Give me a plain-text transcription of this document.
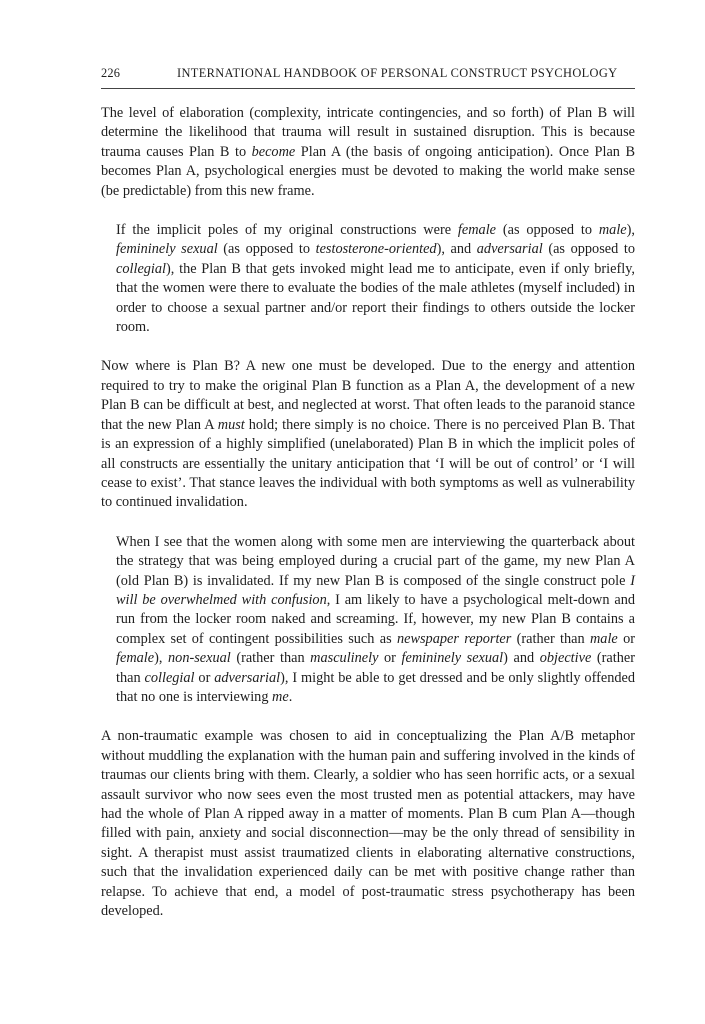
226	INTERNATIONAL HANDBOOK OF PERSONAL CONSTRUCT PSYCHOLOGY

The level of elaboration (complexity, intricate contingencies, and so forth) of Plan B will determine the likelihood that trauma will result in sustained disruption. This is because trauma causes Plan B to become Plan A (the basis of ongoing anticipation). Once Plan B becomes Plan A, psychological energies must be devoted to making the world make sense (be predictable) from this new frame.

If the implicit poles of my original constructions were female (as opposed to male), femininely sexual (as opposed to testosterone-oriented), and adversarial (as opposed to collegial), the Plan B that gets invoked might lead me to anticipate, even if only briefly, that the women were there to evaluate the bodies of the male athletes (myself included) in order to choose a sexual partner and/or report their findings to others outside the locker room.

Now where is Plan B? A new one must be developed. Due to the energy and attention required to try to make the original Plan B function as a Plan A, the development of a new Plan B can be difficult at best, and neglected at worst. That often leads to the paranoid stance that the new Plan A must hold; there simply is no choice. There is no perceived Plan B. That is an expression of a highly simplified (unelaborated) Plan B in which the implicit poles of all constructs are essentially the unitary anticipation that ‘I will be out of control’ or ‘I will cease to exist’. That stance leaves the individual with both symptoms as well as vulnerability to continued invalidation.

When I see that the women along with some men are interviewing the quarterback about the strategy that was being employed during a crucial part of the game, my new Plan A (old Plan B) is invalidated. If my new Plan B is composed of the single construct pole I will be overwhelmed with confusion, I am likely to have a psychological melt-down and run from the locker room naked and screaming. If, however, my new Plan B contains a complex set of contingent possibilities such as newspaper reporter (rather than male or female), non-sexual (rather than masculinely or femininely sexual) and objective (rather than collegial or adversarial), I might be able to get dressed and be only slightly offended that no one is interviewing me.

A non-traumatic example was chosen to aid in conceptualizing the Plan A/B metaphor without muddling the explanation with the human pain and suffering involved in the kinds of traumas our clients bring with them. Clearly, a soldier who has seen horrific acts, or a sexual assault survivor who now sees even the most trusted men as potential attackers, may have had the whole of Plan A ripped away in a matter of moments. Plan B cum Plan A—though filled with pain, anxiety and social disconnection—may be the only thread of sensibility in sight. A therapist must assist traumatized clients in elaborating alternative constructions, such that the invalidation experienced daily can be met with positive change rather than relapse. To achieve that end, a model of post-traumatic stress psychotherapy has been developed.
